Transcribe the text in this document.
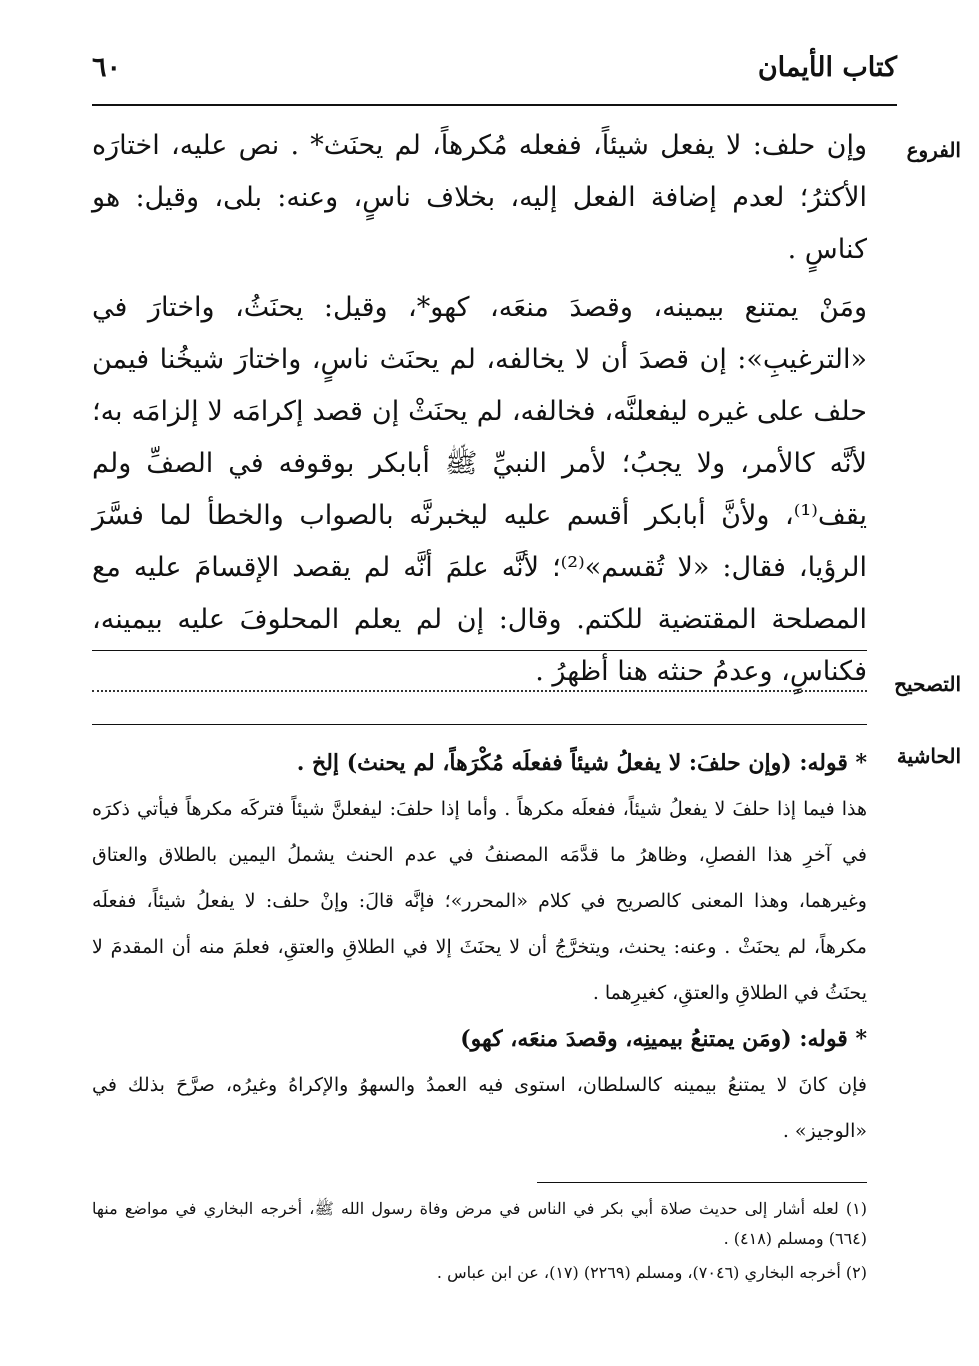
كتاب الأيمان
٦٠
الفروع

وإن حلف: لا يفعل شيئاً، ففعله مُكرهاً، لم يحنَث* . نص عليه، اختارَه الأكثرُ؛ لعدم إضافة الفعل إليه، بخلاف ناسٍ، وعنه: بلى، وقيل: هو كناسٍ .

ومَنْ يمتنع بيمينه، وقصدَ منعَه، كهو*، وقيل: يحنَثُ، واختارَ في «الترغيبِ»: إن قصدَ أن لا يخالفه، لم يحنَث ناسٍ، واختارَ شيخُنا فيمن حلف على غيره ليفعلنَّه، فخالفه، لم يحنَثْ إن قصد إكرامَه لا إلزامَه به؛ لأنَّه كالأمر، ولا يجبُ؛ لأمر النبيِّ ﷺ أبابكر بوقوفه في الصفِّ ولم يقف⁽¹⁾، ولأنَّ أبابكر أقسم عليه ليخبرنَّه بالصواب والخطأ لما فسَّرَ الرؤيا، فقال: «لا تُقسم»⁽²⁾؛ لأنَّه علمَ أنَّه لم يقصد الإقسامَ عليه مع المصلحة المقتضية للكتم. وقال: إن لم يعلم المحلوفَ عليه بيمينه، فكناسٍ، وعدمُ حنثه هنا أظهرُ .	التصحيح
الحاشية

* قوله: (وإن حلفَ: لا يفعلُ شيئاً ففعلَه مُكْرَهاً، لم يحنث) إلخ .

هذا فيما إذا حلفَ لا يفعلُ شيئاً، ففعلَه مكرهاً . وأما إذا حلفَ: ليفعلنَّ شيئاً فتركَه مكرهاً فيأتي ذكرَه في آخرِ هذا الفصلِ، وظاهرُ ما قدَّمَه المصنفُ في عدم الحنث يشملُ اليمين بالطلاق والعتاق وغيرهما، وهذا المعنى كالصريح في كلام «المحرر»؛ فإنَّه قالَ: وإنْ حلف: لا يفعلُ شيئاً، ففعلَه مكرهاً، لم يحنَثْ . وعنه: يحنث، ويتخرَّجُ أن لا يحنَثَ إلا في الطلاقِ والعتقِ، فعلمَ منه أن المقدمَ لا يحنَثُ في الطلاقِ والعتقِ، كغيرِهما .

* قوله: (ومَن يمتنعُ بيمينِه، وقصدَ منعَه، كهو)

فإن كانَ لا يمتنعُ بيمينه كالسلطان، استوى فيه العمدُ والسهوُ والإكراهُ وغيرُه، صرَّحَ بذلك في «الوجيز» .

(١) لعله أشار إلى حديث صلاة أبي بكر في الناس في مرض وفاة رسول الله ﷺ، أخرجه البخاري في مواضع منها (٦٦٤) ومسلم (٤١٨) .

(٢) أخرجه البخاري (٧٠٤٦)، ومسلم (٢٢٦٩) (١٧)، عن ابن عباس .
